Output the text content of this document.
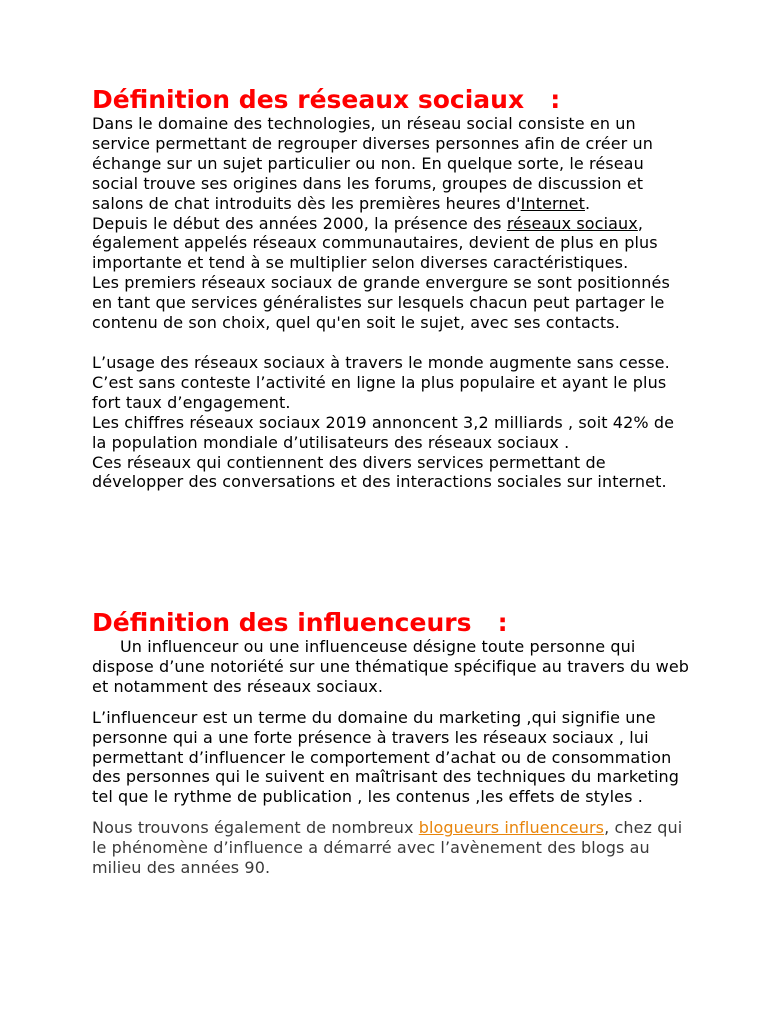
Définition des réseaux sociaux   :

Dans le domaine des technologies, un réseau social consiste en un service permettant de regrouper diverses personnes afin de créer un échange sur un sujet particulier ou non. En quelque sorte, le réseau social trouve ses origines dans les forums, groupes de discussion et salons de chat introduits dès les premières heures d'Internet.

Depuis le début des années 2000, la présence des réseaux sociaux, également appelés réseaux communautaires, devient de plus en plus importante et tend à se multiplier selon diverses caractéristiques.

Les premiers réseaux sociaux de grande envergure se sont positionnés en tant que services généralistes sur lesquels chacun peut partager le contenu de son choix, quel qu'en soit le sujet, avec ses contacts.

L’usage des réseaux sociaux à travers le monde augmente sans cesse. C’est sans conteste l’activité en ligne la plus populaire et ayant le plus fort taux d’engagement.

Les chiffres réseaux sociaux 2019 annoncent 3,2 milliards , soit 42% de la population mondiale d’utilisateurs des réseaux sociaux .

Ces réseaux qui contiennent des divers services permettant de développer des conversations et des interactions sociales sur internet.

Définition des influenceurs   :

Un influenceur ou une influenceuse désigne toute personne qui dispose d’une notoriété sur une thématique spécifique au travers du web et notamment des réseaux sociaux.

L’influenceur est un terme du domaine du marketing ,qui signifie une personne qui a une forte présence à travers les réseaux sociaux , lui permettant d’influencer le comportement d’achat ou de consommation des personnes qui le suivent en maîtrisant des techniques du marketing tel que le rythme de publication , les contenus ,les effets de styles .

Nous trouvons également de nombreux blogueurs influenceurs, chez qui le phénomène d’influence a démarré avec l’avènement des blogs au milieu des années 90.
